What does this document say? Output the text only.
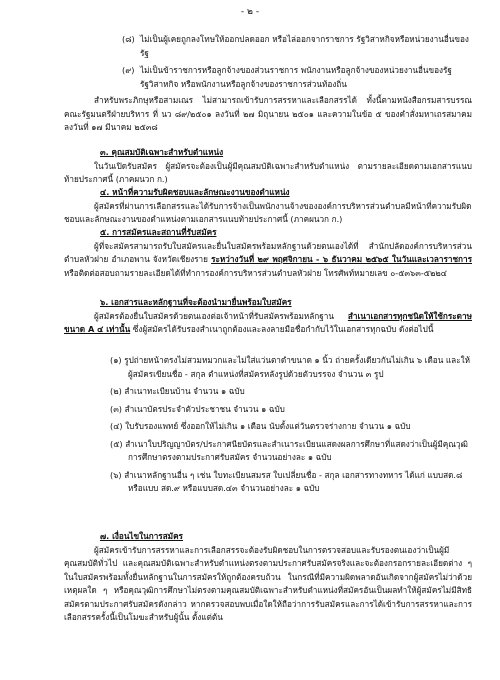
- ๒ -

(๘) ไม่เป็นผู้เคยถูกลงโทษให้ออกปลดออก หรือไล่ออกจากราชการ รัฐวิสาหกิจหรือหน่วยงานอื่นของรัฐ

(๙) ไม่เป็นข้าราชการหรือลูกจ้างของส่วนราชการ พนักงานหรือลูกจ้างของหน่วยงานอื่นของรัฐ รัฐวิสาหกิจ หรือพนักงานหรือลูกจ้างของราชการส่วนท้องถิ่น

สำหรับพระภิกษุหรือสามเณร ไม่สามารถเข้ารับการสรรหาและเลือกสรรได้ ทั้งนี้ตามหนังสือกรมสารบรรณคณะรัฐมนตรีฝ่ายบริหาร ที่ นว ๘๙/๒๕๐๑ ลงวันที่ ๒๗ มิถุนายน ๒๕๐๑ และความในข้อ ๕ ของคำสั่งมหาเถรสมาคม ลงวันที่ ๑๗ มีนาคม ๒๕๓๘

๓. คุณสมบัติเฉพาะสำหรับตำแหน่ง

ในวันเปิดรับสมัคร ผู้สมัครจะต้องเป็นผู้มีคุณสมบัติเฉพาะสำหรับตำแหน่ง ตามรายละเอียดตามเอกสารแนบท้ายประกาศนี้ (ภาคผนวก ก.)

๔. หน้าที่ความรับผิดชอบและลักษณะงานของตำแหน่ง

ผู้สมัครที่ผ่านการเลือกสรรและได้รับการจ้างเป็นพนักงานจ้างขององค์การบริหารส่วนตำบลมีหน้าที่ความรับผิดชอบและลักษณะงานของตำแหน่งตามเอกสารแนบท้ายประกาศนี้ (ภาคผนวก ก.)

๕. การสมัครและสถานที่รับสมัคร

ผู้ที่จะสมัครสามารถรับใบสมัครและยื่นใบสมัครพร้อมหลักฐานด้วยตนเองได้ที่ สำนักปลัดองค์การบริหารส่วนตำบลหัวฝาย อำเภอพาน จังหวัดเชียงราย ระหว่างวันที่ ๒๙ พฤศจิกายน - ๖ ธันวาคม ๒๕๖๕ ในวันและเวลาราชการ หรือติดต่อสอบถามรายละเอียดได้ที่ทำการองค์การบริหารส่วนตำบลหัวฝาย โทรศัพท์หมายเลข ๐-๕๓๖๓-๕๒๒๔

๖. เอกสารและหลักฐานที่จะต้องนำมายื่นพร้อมใบสมัคร

ผู้สมัครต้องยื่นใบสมัครด้วยตนเองต่อเจ้าหน้าที่รับสมัครพร้อมหลักฐาน สำเนาเอกสารทุกชนิดให้ใช้กระดาษขนาด A ๔ เท่านั้น ซึ่งผู้สมัครได้รับรองสำเนาถูกต้องและลงลายมือชื่อกำกับไว้ในเอกสารทุกฉบับ ดังต่อไปนี้

(๑) รูปถ่ายหน้าตรงไม่สวมหมวกและไม่ใส่แว่นตาดำขนาด ๑ นิ้ว ถ่ายครั้งเดียวกันไม่เกิน ๖ เดือน และให้ผู้สมัครเขียนชื่อ - สกุล ตำแหน่งที่สมัครหลังรูปด้วยตัวบรรจง จำนวน ๓ รูป

(๒) สำเนาทะเบียนบ้าน จำนวน ๑ ฉบับ

(๓) สำเนาบัตรประจำตัวประชาชน จำนวน ๑ ฉบับ

(๔) ใบรับรองแพทย์ ซึ่งออกให้ไม่เกิน ๑ เดือน นับตั้งแต่วันตรวจร่างกาย จำนวน ๑ ฉบับ

(๕) สำเนาใบปริญญาบัตร/ประกาศนียบัตรและสำเนาระเบียนแสดงผลการศึกษาที่แสดงว่าเป็นผู้มีคุณวุฒิการศึกษาตรงตามประกาศรับสมัคร จำนวนอย่างละ ๑ ฉบับ

(๖) สำเนาหลักฐานอื่น ๆ เช่น ใบทะเบียนสมรส ใบเปลี่ยนชื่อ - สกุล เอกสารทางทหาร ได้แก่ แบบสด.๘ หรือแบบ สด.๙ หรือแบบสด.๔๓ จำนวนอย่างละ ๑ ฉบับ

๗. เงื่อนไขในการสมัคร

ผู้สมัครเข้ารับการสรรหาและการเลือกสรรจะต้องรับผิดชอบในการตรวจสอบและรับรองตนเองว่าเป็นผู้มีคุณสมบัติทั่วไป และคุณสมบัติเฉพาะสำหรับตำแหน่งตรงตามประกาศรับสมัครจริงและจะต้องกรอกรายละเอียดต่าง ๆ ในใบสมัครพร้อมทั้งยื่นหลักฐานในการสมัครให้ถูกต้องครบถ้วน ในกรณีที่มีความผิดพลาดอันเกิดจากผู้สมัครไม่ว่าด้วยเหตุผลใด ๆ หรือคุณวุฒิการศึกษาไม่ตรงตามคุณสมบัติเฉพาะสำหรับตำแหน่งที่สมัครอันเป็นผลทำให้ผู้สมัครไม่มีสิทธิสมัครตามประกาศรับสมัครดังกล่าว หากตรวจสอบพบเมื่อใดให้ถือว่าการรับสมัครและการได้เข้ารับการสรรหาและการเลือกสรรครั้งนี้เป็นโมฆะสำหรับผู้นั้น ตั้งแต่ต้น
